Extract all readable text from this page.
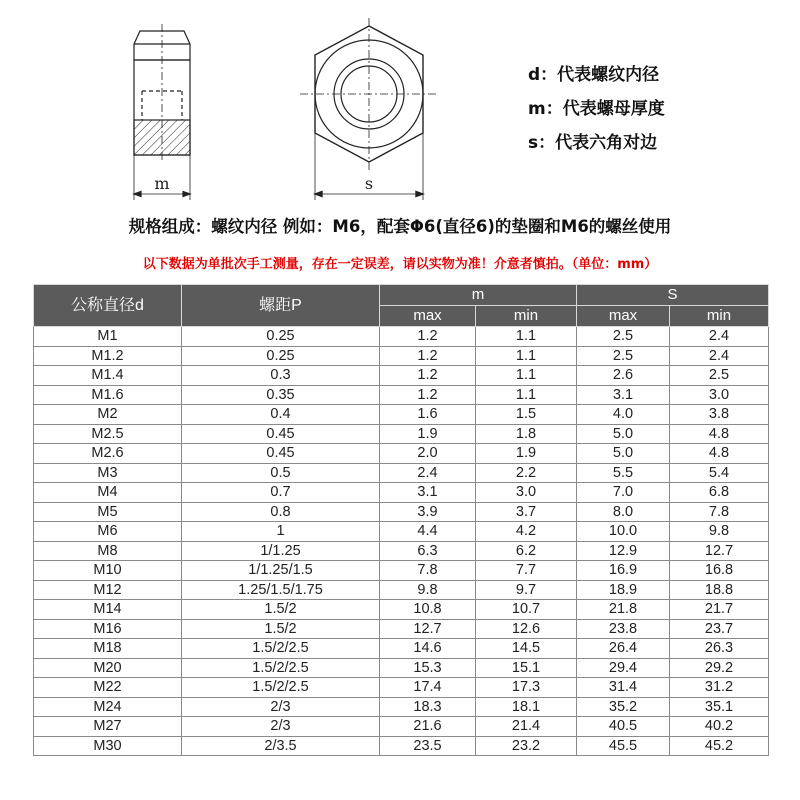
m	s
d：代表螺纹内径
m：代表螺母厚度
s：代表六角对边
规格组成：螺纹内径 例如：M6，配套Φ6(直径6)的垫圈和M6的螺丝使用
以下数据为单批次手工测量，存在一定误差，请以实物为准！介意者慎拍。（单位：mm）
公称直径d	螺距P	m		S	
		max	min	max	min
M1	0.25	1.2	1.1	2.5	2.4
M1.2	0.25	1.2	1.1	2.5	2.4
M1.4	0.3	1.2	1.1	2.6	2.5
M1.6	0.35	1.2	1.1	3.1	3.0
M2	0.4	1.6	1.5	4.0	3.8
M2.5	0.45	1.9	1.8	5.0	4.8
M2.6	0.45	2.0	1.9	5.0	4.8
M3	0.5	2.4	2.2	5.5	5.4
M4	0.7	3.1	3.0	7.0	6.8
M5	0.8	3.9	3.7	8.0	7.8
M6	1	4.4	4.2	10.0	9.8
M8	1/1.25	6.3	6.2	12.9	12.7
M10	1/1.25/1.5	7.8	7.7	16.9	16.8
M12	1.25/1.5/1.75	9.8	9.7	18.9	18.8
M14	1.5/2	10.8	10.7	21.8	21.7
M16	1.5/2	12.7	12.6	23.8	23.7
M18	1.5/2/2.5	14.6	14.5	26.4	26.3
M20	1.5/2/2.5	15.3	15.1	29.4	29.2
M22	1.5/2/2.5	17.4	17.3	31.4	31.2
M24	2/3	18.3	18.1	35.2	35.1
M27	2/3	21.6	21.4	40.5	40.2
M30	2/3.5	23.5	23.2	45.5	45.2
